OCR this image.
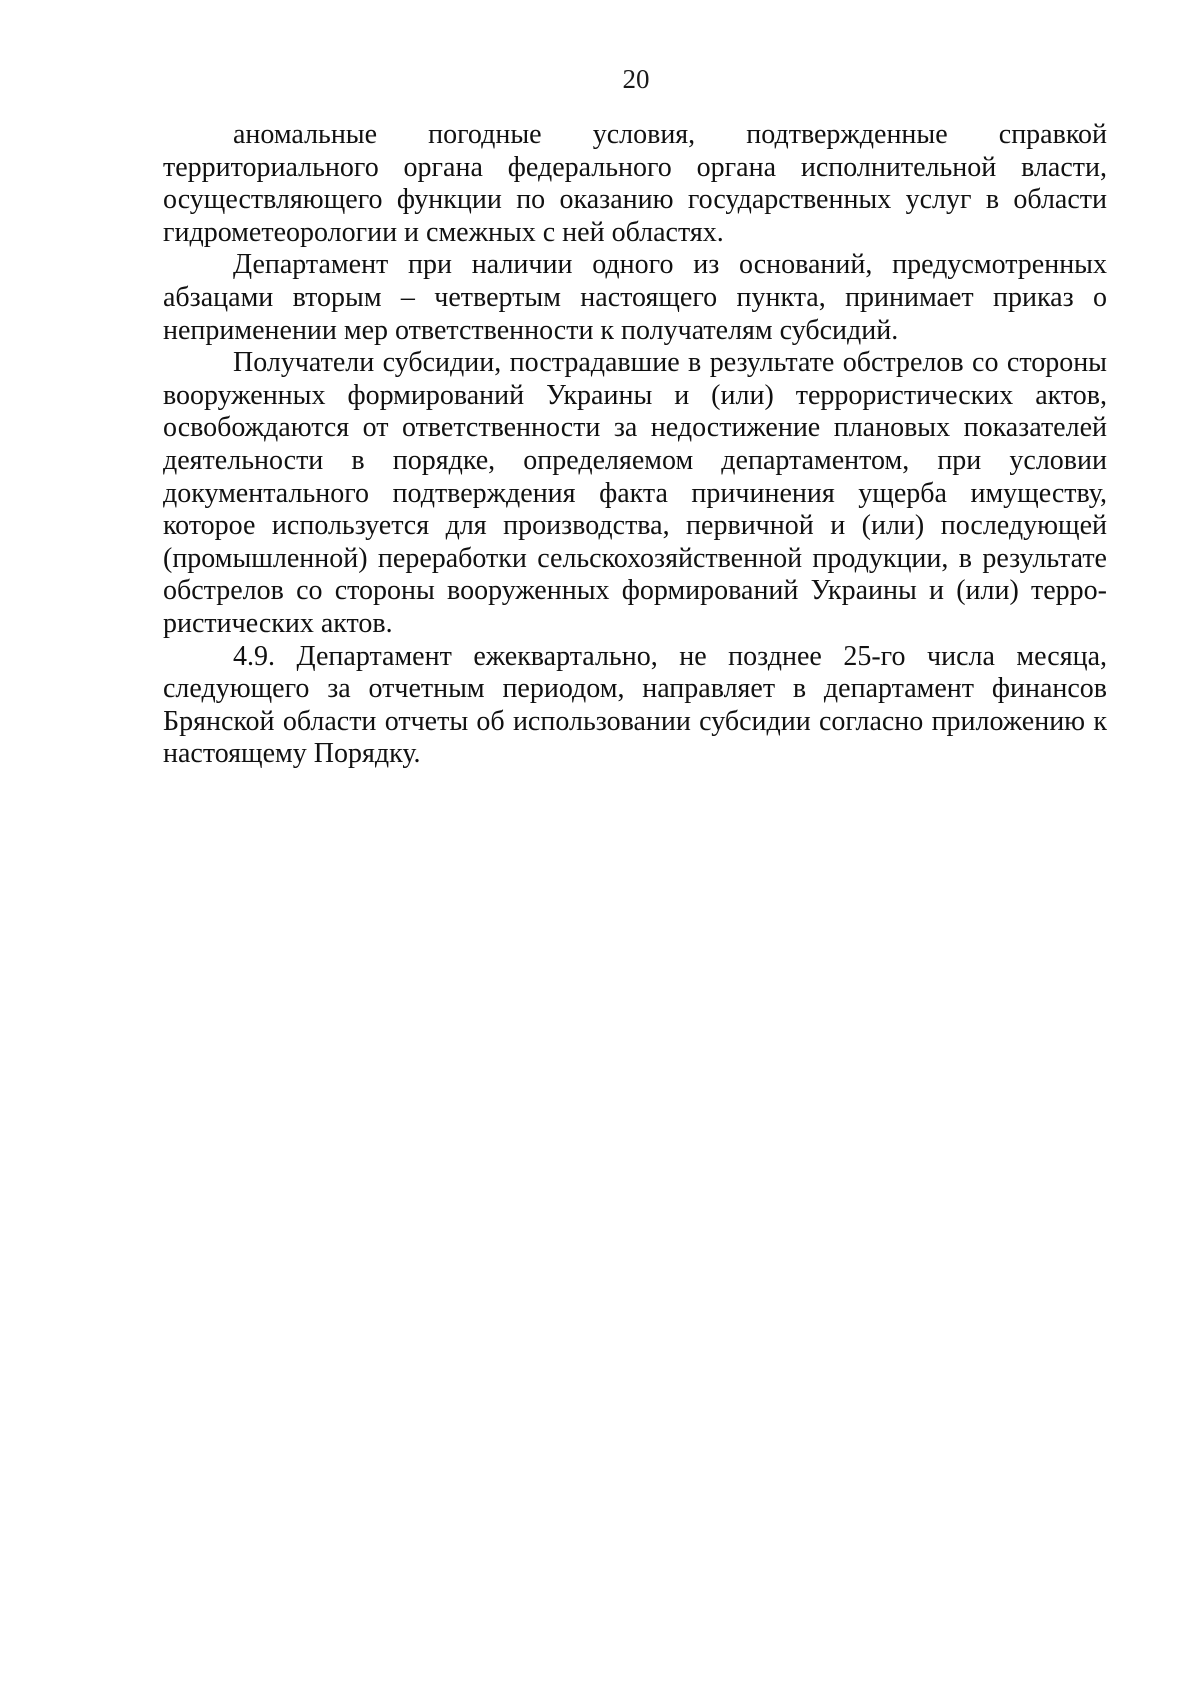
20

аномальные погодные условия, подтвержденные справкой территориального органа федерального органа исполнительной власти, осуществляющего функции по оказанию государственных услуг в области гидрометеорологии и смежных с ней областях.

Департамент при наличии одного из оснований, предусмотренных абзацами вторым – четвертым настоящего пункта, принимает приказ о неприменении мер ответственности к получателям субсидий.

Получатели субсидии, пострадавшие в результате обстрелов со стороны вооруженных формирований Украины и (или) террористических актов, освобождаются от ответственности за недостижение плановых показателей деятельности в порядке, определяемом департаментом, при условии документального подтверждения факта причинения ущерба имуществу, которое используется для производства, первичной и (или) последующей (промышленной) переработки сельскохозяйственной продукции, в результате обстрелов со стороны вооруженных формирований Украины и (или) террористических актов.

4.9. Департамент ежеквартально, не позднее 25-го числа месяца, следующего за отчетным периодом, направляет в департамент финансов Брянской области отчеты об использовании субсидии согласно приложению к настоящему Порядку.
